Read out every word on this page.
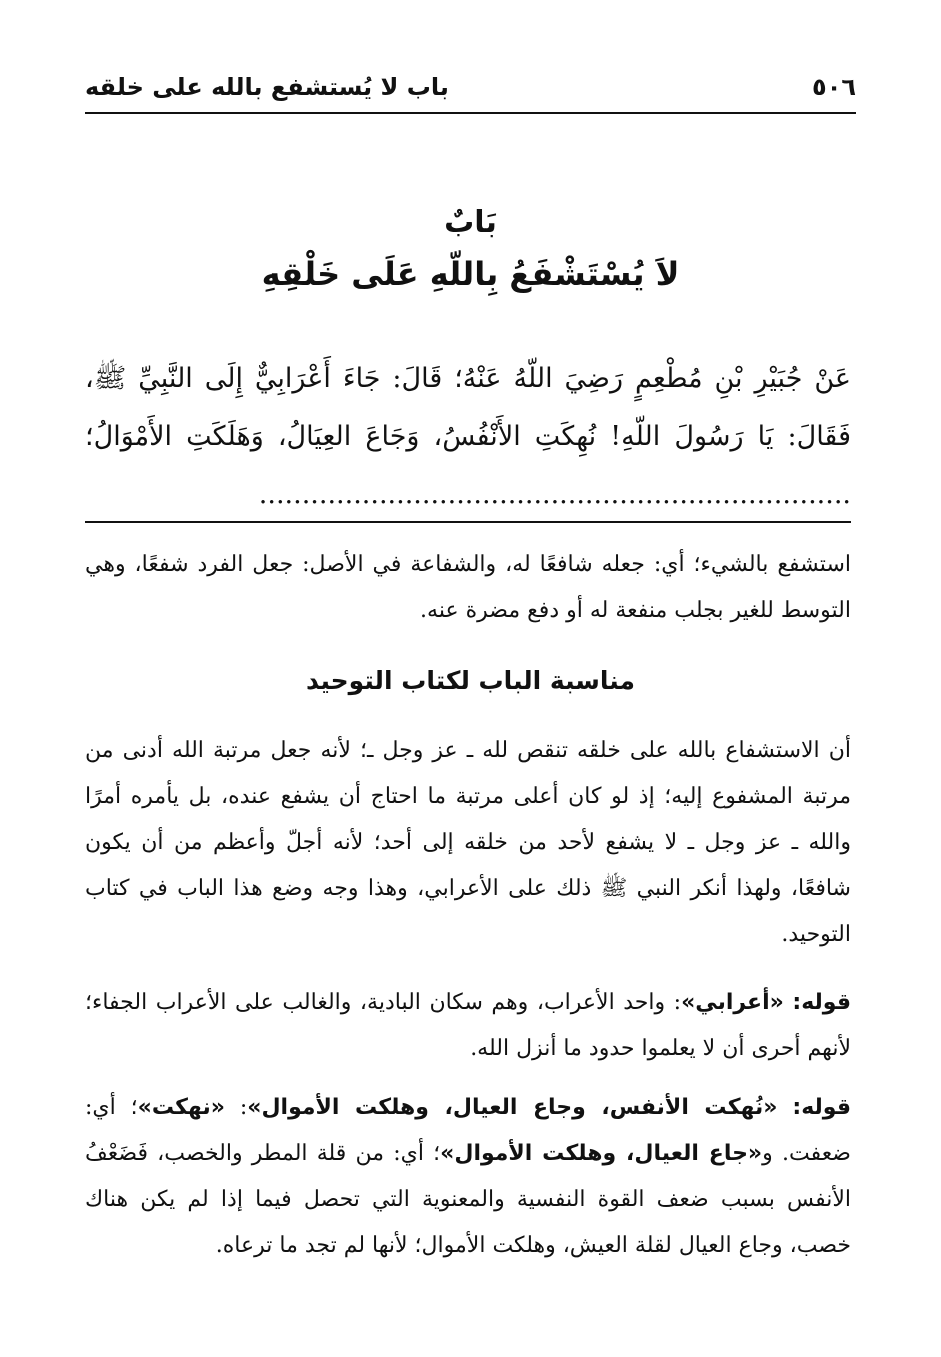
٥٠٦
باب لا يُستشفع بالله على خلقه
بَابٌ
لاَ يُسْتَشْفَعُ بِاللّهِ عَلَى خَلْقِهِ
عَنْ جُبَيْرِ بْنِ مُطْعِمٍ رَضِيَ اللّهُ عَنْهُ؛ قَالَ: جَاءَ أَعْرَابِيٌّ إِلَى النَّبِيِّ ﷺ، فَقَالَ: يَا رَسُولَ اللّهِ! نُهِكَتِ الأَنْفُسُ، وَجَاعَ العِيَالُ، وَهَلَكَتِ الأَمْوَالُ؛ .....................................................................
استشفع بالشيء؛ أي: جعله شافعًا له، والشفاعة في الأصل: جعل الفرد شفعًا، وهي التوسط للغير بجلب منفعة له أو دفع مضرة عنه.
مناسبة الباب لكتاب التوحيد
أن الاستشفاع بالله على خلقه تنقص لله ـ عز وجل ـ؛ لأنه جعل مرتبة الله أدنى من مرتبة المشفوع إليه؛ إذ لو كان أعلى مرتبة ما احتاج أن يشفع عنده، بل يأمره أمرًا والله ـ عز وجل ـ لا يشفع لأحد من خلقه إلى أحد؛ لأنه أجلّ وأعظم من أن يكون شافعًا، ولهذا أنكر النبي ﷺ ذلك على الأعرابي، وهذا وجه وضع هذا الباب في كتاب التوحيد.
قوله: «أعرابي»: واحد الأعراب، وهم سكان البادية، والغالب على الأعراب الجفاء؛ لأنهم أحرى أن لا يعلموا حدود ما أنزل الله.
قوله: «نُهكت الأنفس، وجاع العيال، وهلكت الأموال»: «نهكت»؛ أي: ضعفت. و«جاع العيال، وهلكت الأموال»؛ أي: من قلة المطر والخصب، فَضَعْفُ الأنفس بسبب ضعف القوة النفسية والمعنوية التي تحصل فيما إذا لم يكن هناك خصب، وجاع العيال لقلة العيش، وهلكت الأموال؛ لأنها لم تجد ما ترعاه.
